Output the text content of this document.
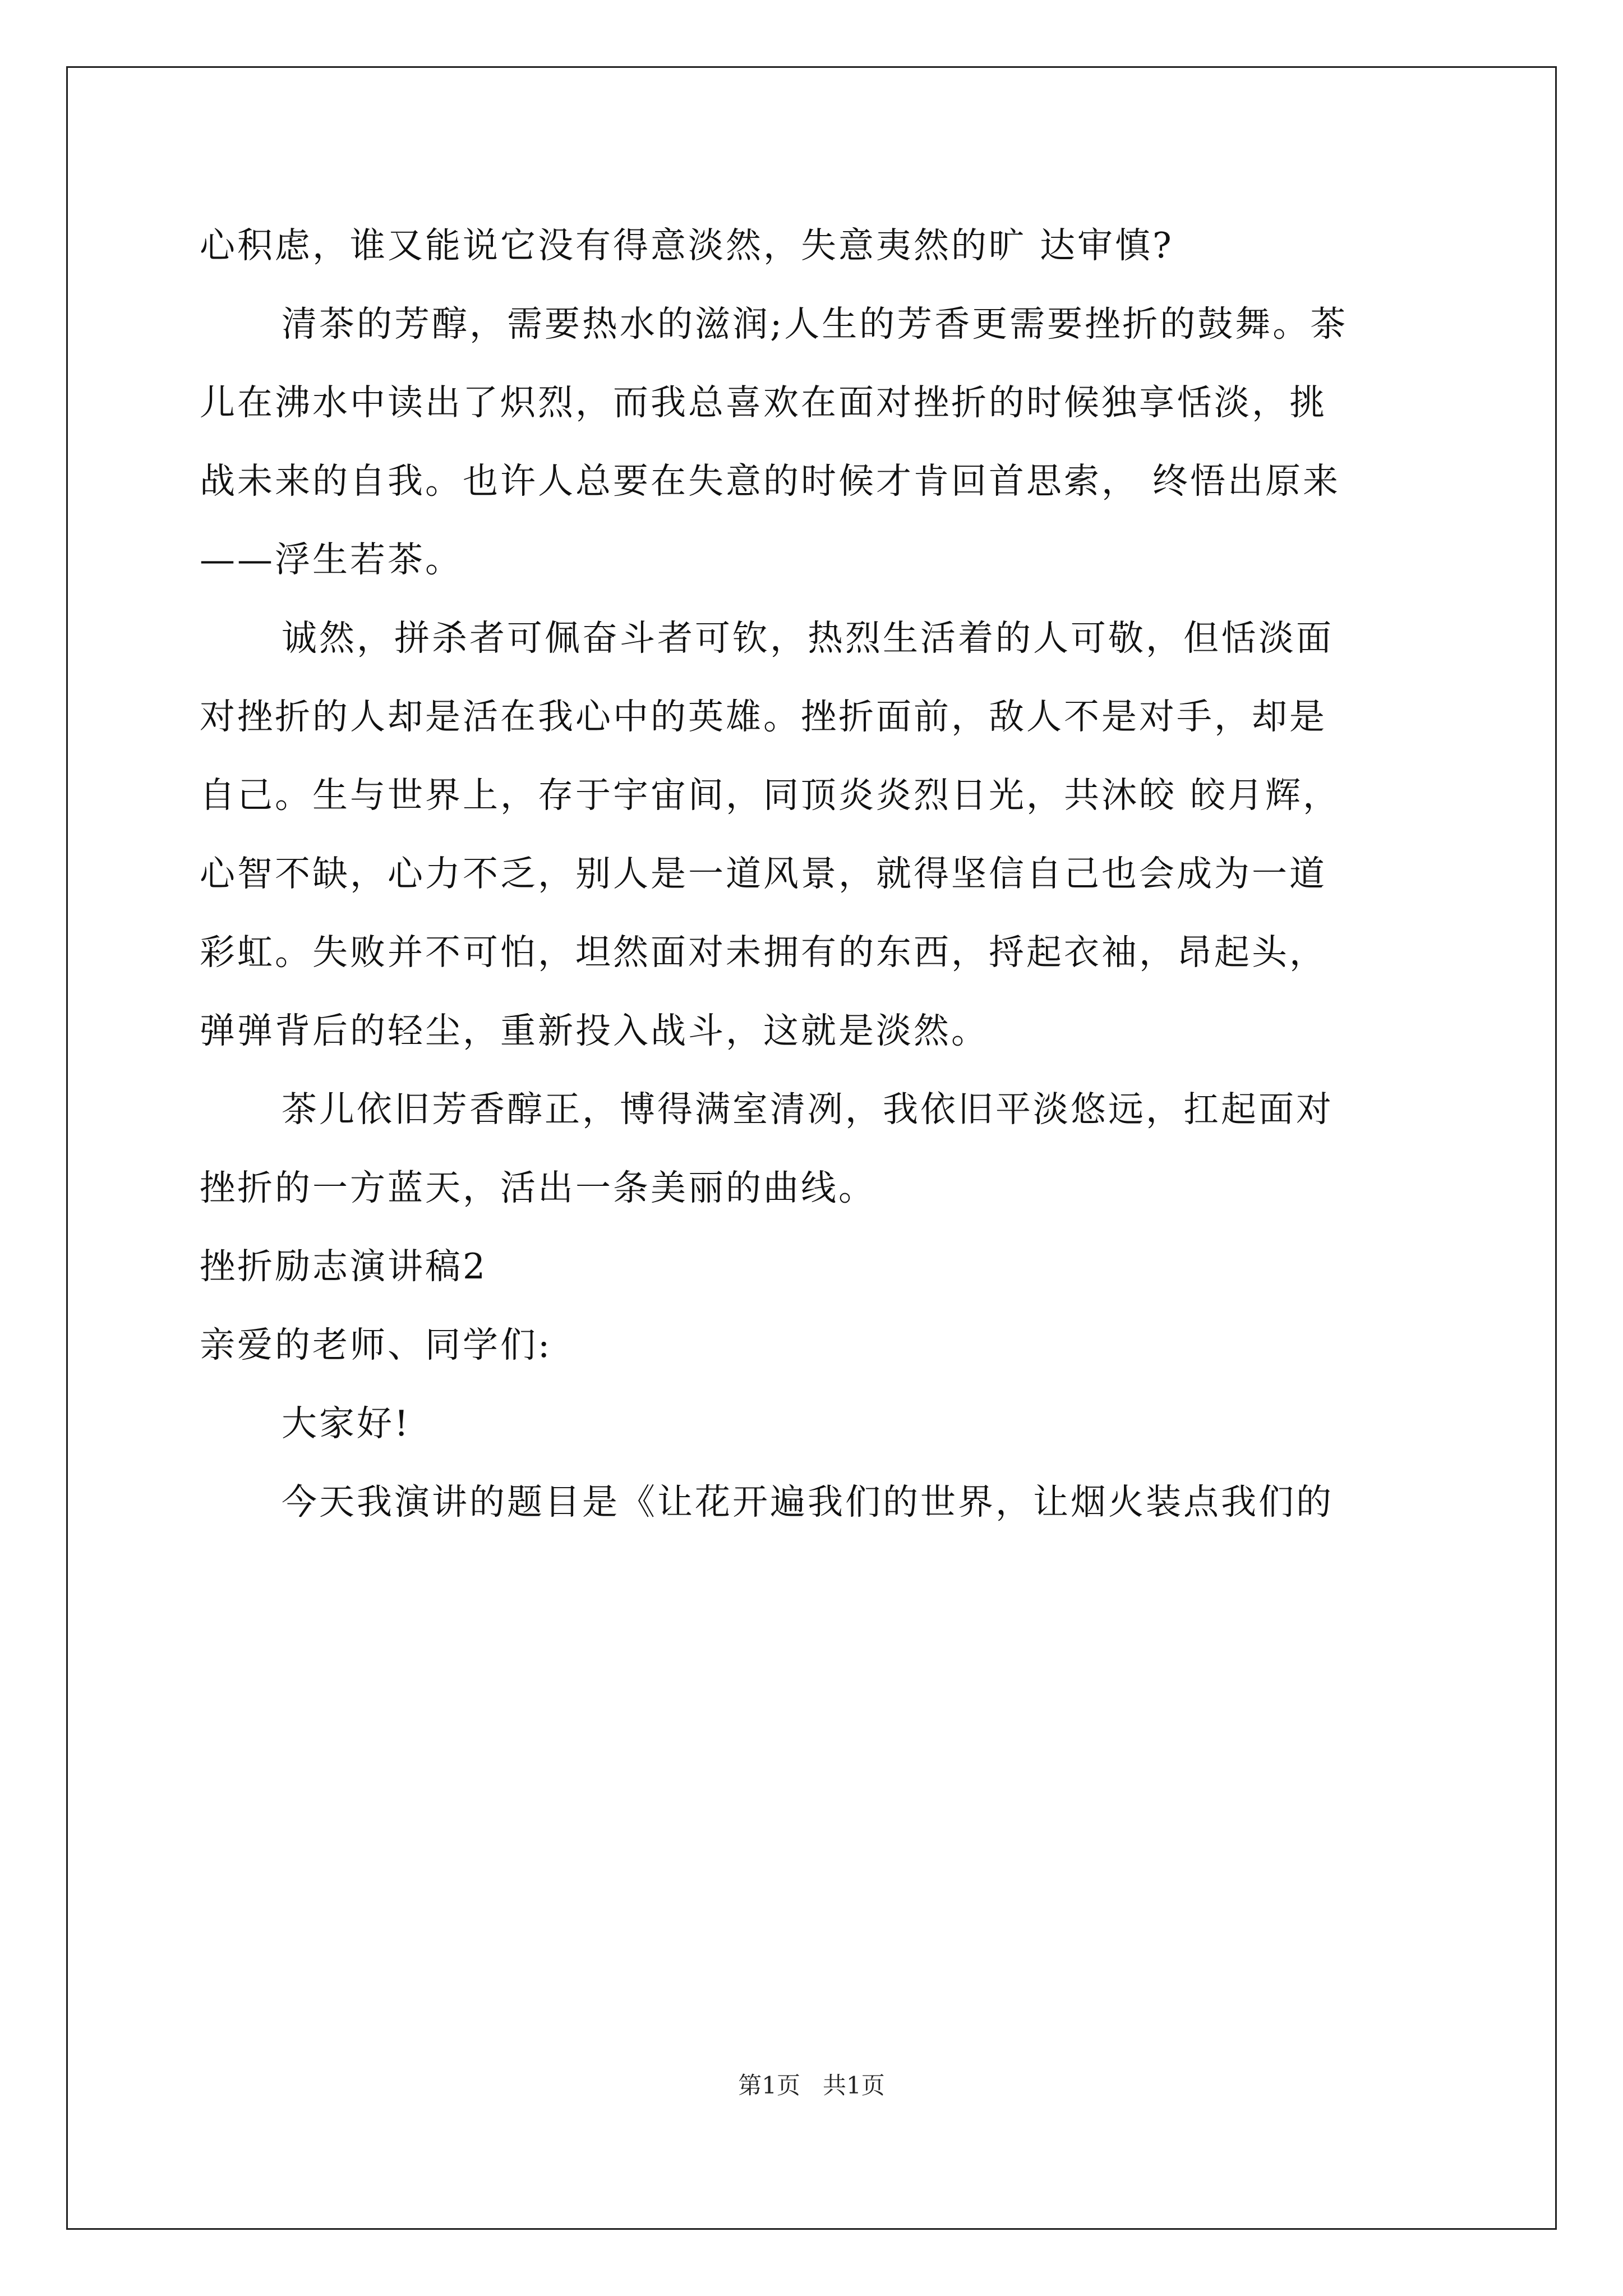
心积虑，谁又能说它没有得意淡然，失意夷然的旷 达审慎?
清茶的芳醇，需要热水的滋润;人生的芳香更需要挫折的鼓舞。茶
儿在沸水中读出了炽烈，而我总喜欢在面对挫折的时候独享恬淡，挑
战未来的自我。也许人总要在失意的时候才肯回首思索， 终悟出原来
——浮生若茶。
诚然，拼杀者可佩奋斗者可钦，热烈生活着的人可敬，但恬淡面
对挫折的人却是活在我心中的英雄。挫折面前，敌人不是对手，却是
自己。生与世界上，存于宇宙间，同顶炎炎烈日光，共沐皎 皎月辉，
心智不缺，心力不乏，别人是一道风景，就得坚信自己也会成为一道
彩虹。失败并不可怕，坦然面对未拥有的东西，捋起衣袖，昂起头，
弹弹背后的轻尘，重新投入战斗，这就是淡然。
茶儿依旧芳香醇正，博得满室清冽，我依旧平淡悠远，扛起面对
挫折的一方蓝天，活出一条美丽的曲线。
挫折励志演讲稿2
亲爱的老师、同学们:
大家好!
今天我演讲的题目是《让花开遍我们的世界，让烟火装点我们的
第1页 共1页
